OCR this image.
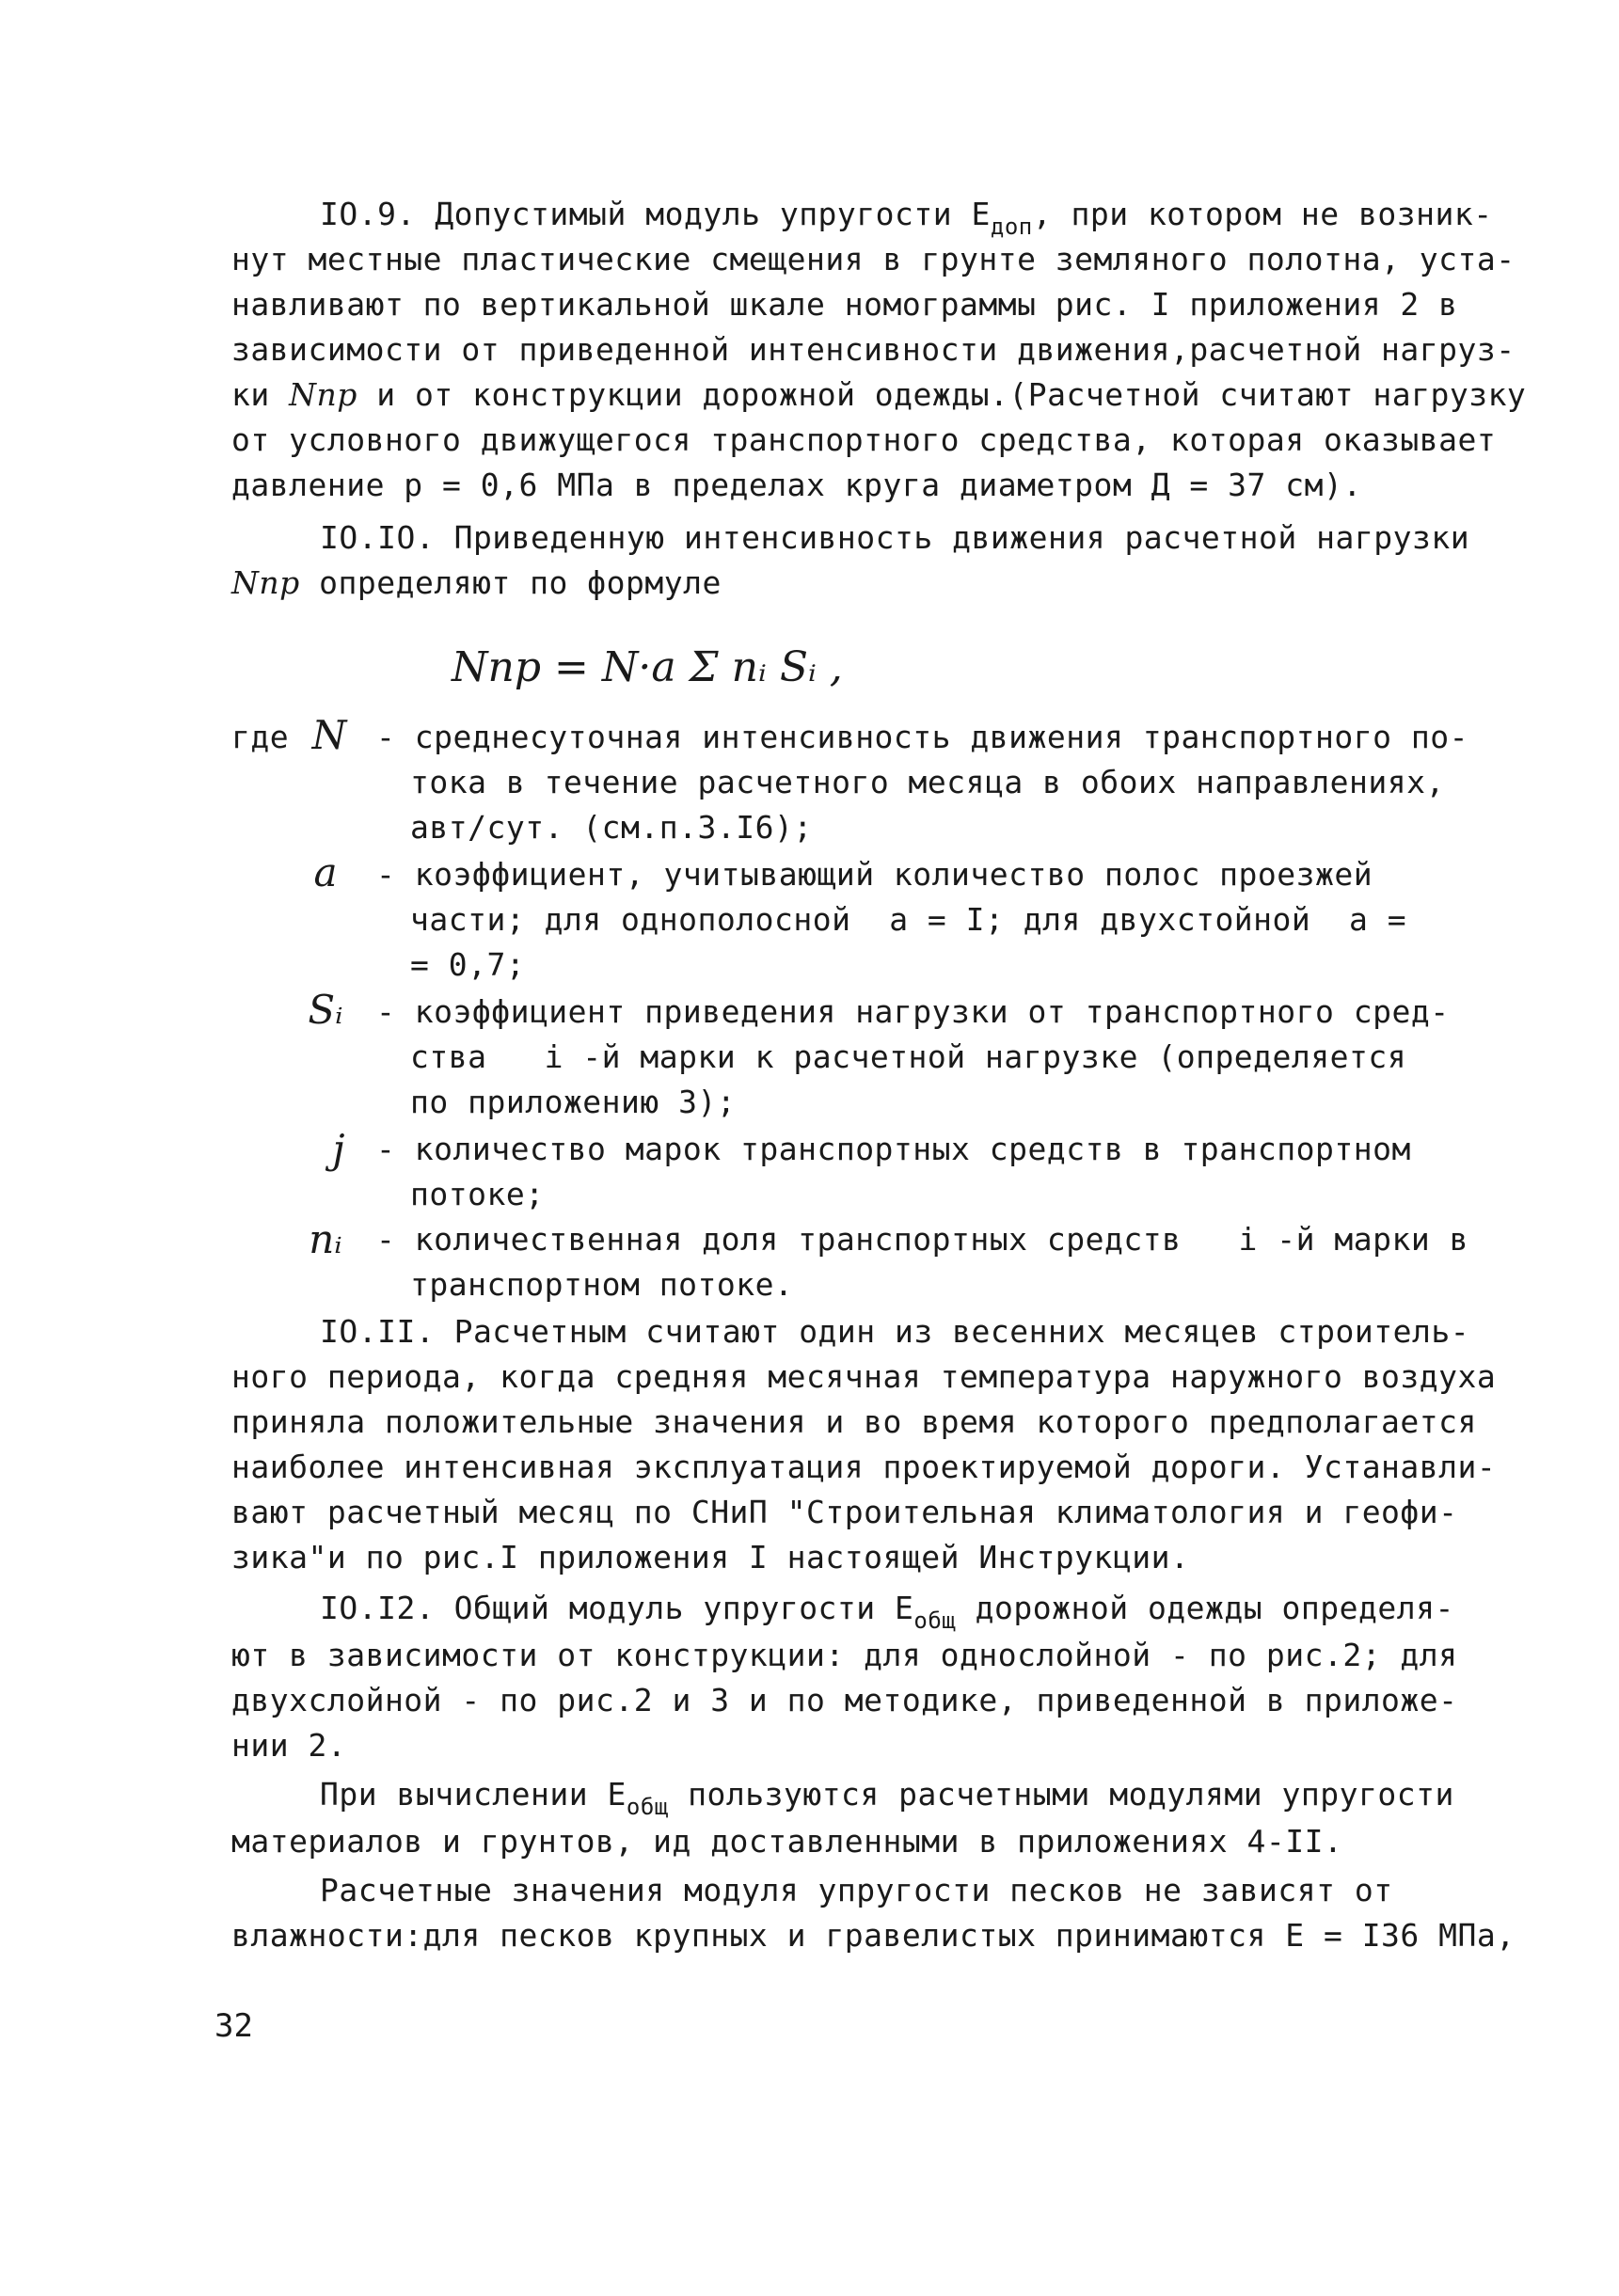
IO.9. Допустимый модуль упругости $E_{доп}$, при котором не возник-
нут местные пластические смещения в грунте земляного полотна, уста-
навливают по вертикальной шкале номограммы рис. I приложения 2 в
зависимости от приведенной интенсивности движения,расчетной нагруз-
ки Nпр и от конструкции дорожной одежды.(Расчетной считают нагрузку
от условного движущегося транспортного средства, которая оказывает
давление p = 0,6 МПа в пределах круга диаметром Д = 37 см).
IO.IO. Приведенную интенсивность движения расчетной нагрузки
Nпр определяют по формуле
Nпр = N·a Σ nᵢ Sᵢ ,
где N - среднесуточная интенсивность движения транспортного по-
тока в течение расчетного месяца в обоих направлениях,
авт/сут. (см.п.3.I6);
a	- коэффициент, учитывающий количество полос проезжей
части; для однополосной  a = I; для двухстойной  a =
= 0,7;
Sᵢ	- коэффициент приведения нагрузки от транспортного сред-
ства   i -й марки к расчетной нагрузке (определяется
по приложению 3);
j	- количество марок транспортных средств в транспортном
потоке;
nᵢ	- количественная доля транспортных средств   i -й марки в
транспортном потоке.
IO.II. Расчетным считают один из весенних месяцев строитель-
ного периода, когда средняя месячная температура наружного воздуха
приняла положительные значения и во время которого предполагается
наиболее интенсивная эксплуатация проектируемой дороги. Устанавли-
вают расчетный месяц по СНиП "Строительная климатология и геофи-
зика"и по рис.I приложения I настоящей Инструкции.
IO.I2. Общий модуль упругости $E_{общ}$ дорожной одежды определя-
ют в зависимости от конструкции: для однослойной - по рис.2; для
двухслойной - по рис.2 и 3 и по методике, приведенной в приложе-
нии 2.
При вычислении $E_{общ}$ пользуются расчетными модулями упругости
материалов и грунтов, ид доставленными в приложениях 4-II.
Расчетные значения модуля упругости песков не зависят от
влажности:для песков крупных и гравелистых принимаются E = I36 МПа,
32
